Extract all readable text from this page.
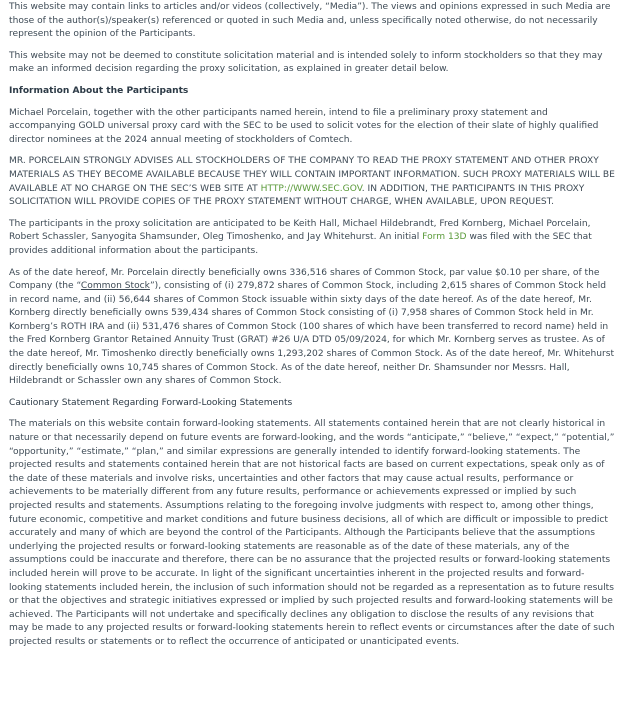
This website may contain links to articles and/or videos (collectively, “Media”). The views and opinions expressed in such Media are those of the author(s)/speaker(s) referenced or quoted in such Media and, unless specifically noted otherwise, do not necessarily represent the opinion of the Participants.

This website may not be deemed to constitute solicitation material and is intended solely to inform stockholders so that they may make an informed decision regarding the proxy solicitation, as explained in greater detail below.

Information About the Participants

Michael Porcelain, together with the other participants named herein, intend to file a preliminary proxy statement and accompanying GOLD universal proxy card with the SEC to be used to solicit votes for the election of their slate of highly qualified director nominees at the 2024 annual meeting of stockholders of Comtech.

MR. PORCELAIN STRONGLY ADVISES ALL STOCKHOLDERS OF THE COMPANY TO READ THE PROXY STATEMENT AND OTHER PROXY MATERIALS AS THEY BECOME AVAILABLE BECAUSE THEY WILL CONTAIN IMPORTANT INFORMATION. SUCH PROXY MATERIALS WILL BE AVAILABLE AT NO CHARGE ON THE SEC’S WEB SITE AT HTTP://WWW.SEC.GOV. IN ADDITION, THE PARTICIPANTS IN THIS PROXY SOLICITATION WILL PROVIDE COPIES OF THE PROXY STATEMENT WITHOUT CHARGE, WHEN AVAILABLE, UPON REQUEST.

The participants in the proxy solicitation are anticipated to be Keith Hall, Michael Hildebrandt, Fred Kornberg, Michael Porcelain, Robert Schassler, Sanyogita Shamsunder, Oleg Timoshenko, and Jay Whitehurst. An initial Form 13D was filed with the SEC that provides additional information about the participants.

As of the date hereof, Mr. Porcelain directly beneficially owns 336,516 shares of Common Stock, par value $0.10 per share, of the Company (the “Common Stock”), consisting of (i) 279,872 shares of Common Stock, including 2,615 shares of Common Stock held in record name, and (ii) 56,644 shares of Common Stock issuable within sixty days of the date hereof. As of the date hereof, Mr. Kornberg directly beneficially owns 539,434 shares of Common Stock consisting of (i) 7,958 shares of Common Stock held in Mr. Kornberg’s ROTH IRA and (ii) 531,476 shares of Common Stock (100 shares of which have been transferred to record name) held in the Fred Kornberg Grantor Retained Annuity Trust (GRAT) #26 U/A DTD 05/09/2024, for which Mr. Kornberg serves as trustee. As of the date hereof, Mr. Timoshenko directly beneficially owns 1,293,202 shares of Common Stock. As of the date hereof, Mr. Whitehurst directly beneficially owns 10,745 shares of Common Stock. As of the date hereof, neither Dr. Shamsunder nor Messrs. Hall, Hildebrandt or Schassler own any shares of Common Stock.

Cautionary Statement Regarding Forward-Looking Statements

The materials on this website contain forward-looking statements. All statements contained herein that are not clearly historical in nature or that necessarily depend on future events are forward-looking, and the words “anticipate,” “believe,” “expect,” “potential,” “opportunity,” “estimate,” “plan,” and similar expressions are generally intended to identify forward-looking statements. The projected results and statements contained herein that are not historical facts are based on current expectations, speak only as of the date of these materials and involve risks, uncertainties and other factors that may cause actual results, performance or achievements to be materially different from any future results, performance or achievements expressed or implied by such projected results and statements. Assumptions relating to the foregoing involve judgments with respect to, among other things, future economic, competitive and market conditions and future business decisions, all of which are difficult or impossible to predict accurately and many of which are beyond the control of the Participants. Although the Participants believe that the assumptions underlying the projected results or forward-looking statements are reasonable as of the date of these materials, any of the assumptions could be inaccurate and therefore, there can be no assurance that the projected results or forward-looking statements included herein will prove to be accurate. In light of the significant uncertainties inherent in the projected results and forward-looking statements included herein, the inclusion of such information should not be regarded as a representation as to future results or that the objectives and strategic initiatives expressed or implied by such projected results and forward-looking statements will be achieved. The Participants will not undertake and specifically declines any obligation to disclose the results of any revisions that may be made to any projected results or forward-looking statements herein to reflect events or circumstances after the date of such projected results or statements or to reflect the occurrence of anticipated or unanticipated events.
